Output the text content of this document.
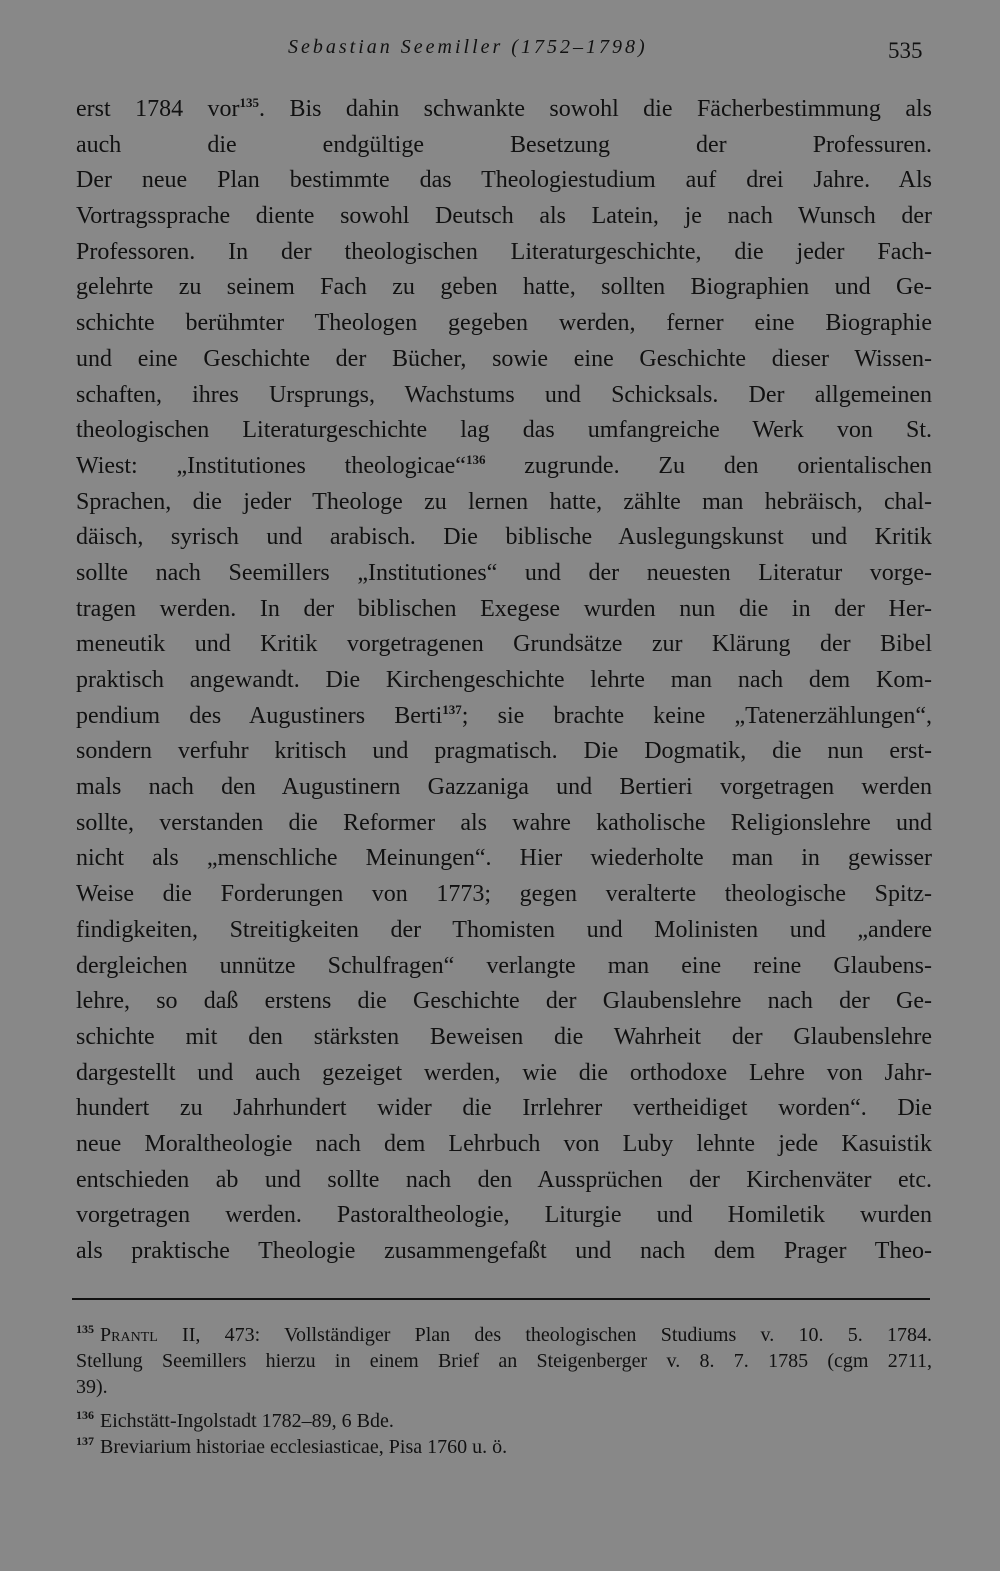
Sebastian Seemiller (1752–1798)	535
erst 1784 vor$^{135}$. Bis dahin schwankte sowohl die Fächerbestimmung als
auch die endgültige Besetzung der Professuren.
Der neue Plan bestimmte das Theologiestudium auf drei Jahre. Als
Vortragssprache diente sowohl Deutsch als Latein, je nach Wunsch der
Professoren. In der theologischen Literaturgeschichte, die jeder Fach-
gelehrte zu seinem Fach zu geben hatte, sollten Biographien und Ge-
schichte berühmter Theologen gegeben werden, ferner eine Biographie
und eine Geschichte der Bücher, sowie eine Geschichte dieser Wissen-
schaften, ihres Ursprungs, Wachstums und Schicksals. Der allgemeinen
theologischen Literaturgeschichte lag das umfangreiche Werk von St.
Wiest: „Institutiones theologicae“$^{136}$ zugrunde. Zu den orientalischen
Sprachen, die jeder Theologe zu lernen hatte, zählte man hebräisch, chal-
däisch, syrisch und arabisch. Die biblische Auslegungskunst und Kritik
sollte nach Seemillers „Institutiones“ und der neuesten Literatur vorge-
tragen werden. In der biblischen Exegese wurden nun die in der Her-
meneutik und Kritik vorgetragenen Grundsätze zur Klärung der Bibel
praktisch angewandt. Die Kirchengeschichte lehrte man nach dem Kom-
pendium des Augustiners Berti$^{137}$; sie brachte keine „Tatenerzählungen“,
sondern verfuhr kritisch und pragmatisch. Die Dogmatik, die nun erst-
mals nach den Augustinern Gazzaniga und Bertieri vorgetragen werden
sollte, verstanden die Reformer als wahre katholische Religionslehre und
nicht als „menschliche Meinungen“. Hier wiederholte man in gewisser
Weise die Forderungen von 1773; gegen veralterte theologische Spitz-
findigkeiten, Streitigkeiten der Thomisten und Molinisten und „andere
dergleichen unnütze Schulfragen“ verlangte man eine reine Glaubens-
lehre, so daß erstens die Geschichte der Glaubenslehre nach der Ge-
schichte mit den stärksten Beweisen die Wahrheit der Glaubenslehre
dargestellt und auch gezeiget werden, wie die orthodoxe Lehre von Jahr-
hundert zu Jahrhundert wider die Irrlehrer vertheidiget worden“. Die
neue Moraltheologie nach dem Lehrbuch von Luby lehnte jede Kasuistik
entschieden ab und sollte nach den Aussprüchen der Kirchenväter etc.
vorgetragen werden. Pastoraltheologie, Liturgie und Homiletik wurden
als praktische Theologie zusammengefaßt und nach dem Prager Theo-
$^{135}$ Prantl II, 473: Vollständiger Plan des theologischen Studiums v. 10. 5. 1784.
Stellung Seemillers hierzu in einem Brief an Steigenberger v. 8. 7. 1785 (cgm 2711,
39).
$^{136}$ Eichstätt-Ingolstadt 1782–89, 6 Bde.
$^{137}$ Breviarium historiae ecclesiasticae, Pisa 1760 u. ö.
